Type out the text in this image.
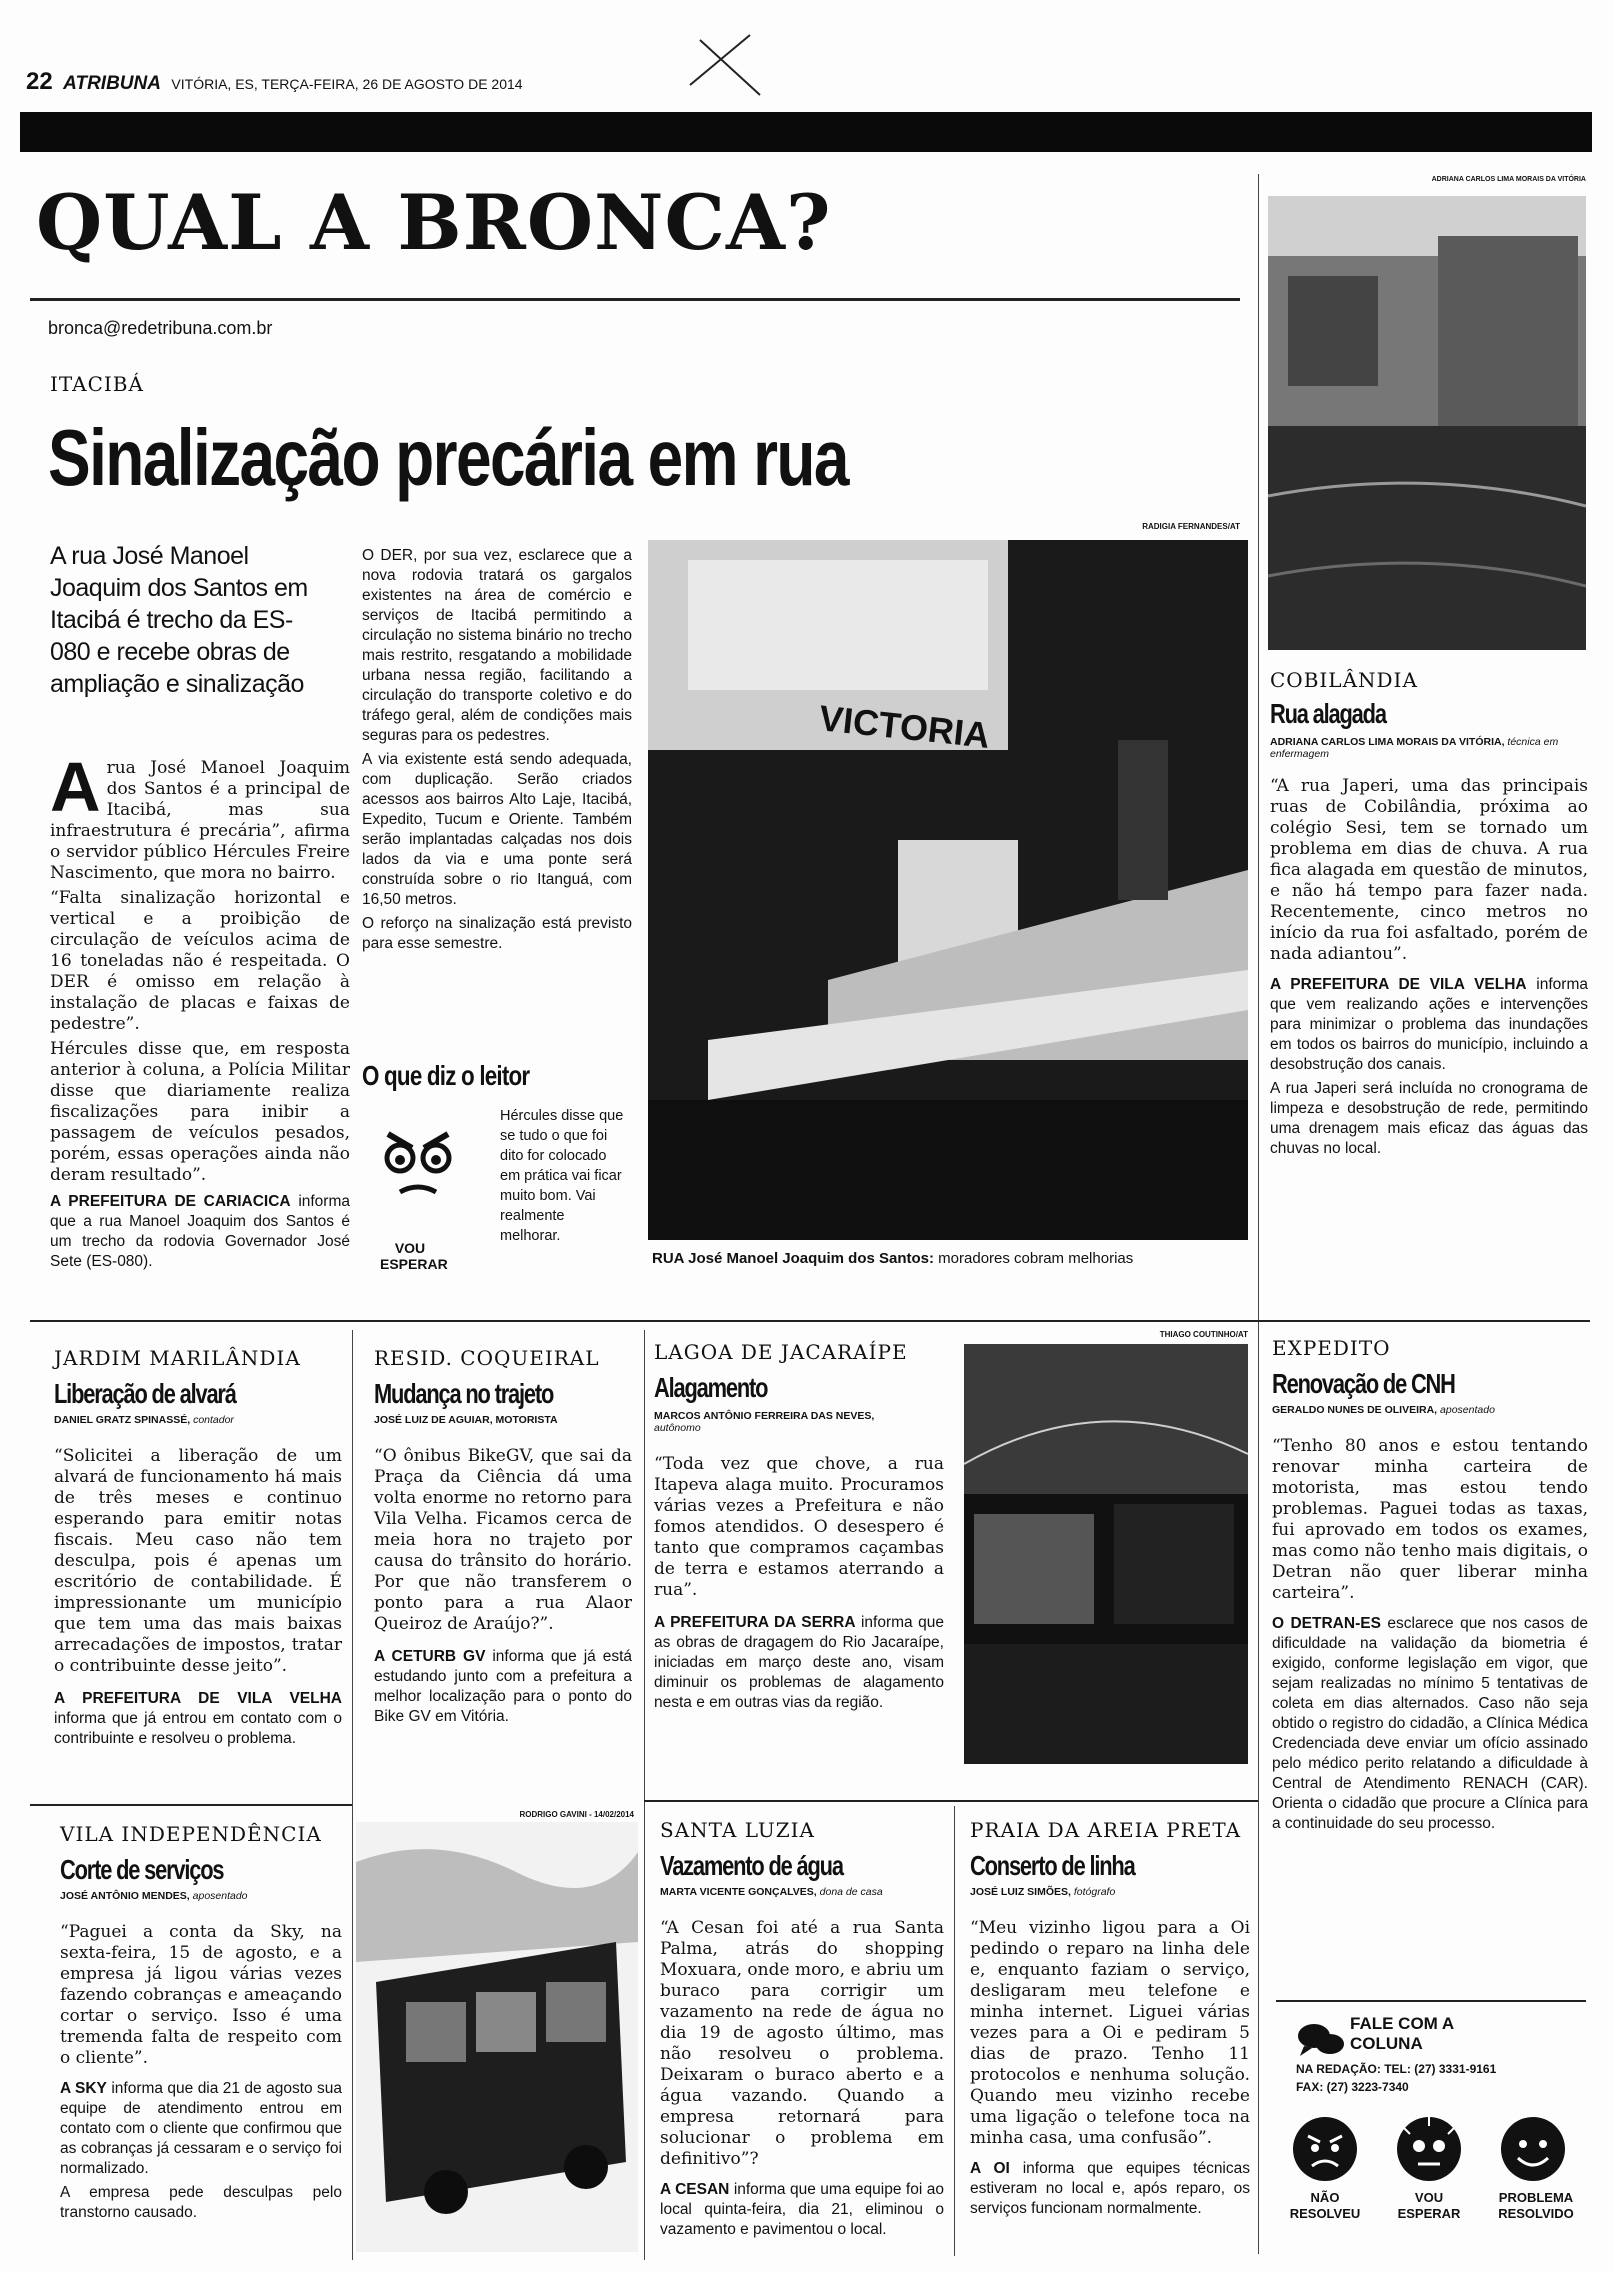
22 ATRIBUNA VITÓRIA, ES, TERÇA-FEIRA, 26 DE AGOSTO DE 2014
QUAL A BRONCA?
bronca@redetribuna.com.br
ITACIBÁ
Sinalização precária em rua
A rua José Manoel Joaquim dos Santos em Itacibá é trecho da ES-080 e recebe obras de ampliação e sinalização
A rua José Manoel Joaquim dos Santos é a principal de Itacibá, mas sua infraestrutura é precária”, afirma o servidor público Hércules Freire Nascimento, que mora no bairro.

“Falta sinalização horizontal e vertical e a proibição de circulação de veículos acima de 16 toneladas não é respeitada. O DER é omisso em relação à instalação de placas e faixas de pedestre”.

Hércules disse que, em resposta anterior à coluna, a Polícia Militar disse que diariamente realiza fiscalizações para inibir a passagem de veículos pesados, porém, essas operações ainda não deram resultado”.

A PREFEITURA DE CARIACICA informa que a rua Manoel Joaquim dos Santos é um trecho da rodovia Governador José Sete (ES-080).

O DER, por sua vez, esclarece que a nova rodovia tratará os gargalos existentes na área de comércio e serviços de Itacibá permitindo a circulação no sistema binário no trecho mais restrito, resgatando a mobilidade urbana nessa região, facilitando a circulação do transporte coletivo e do tráfego geral, além de condições mais seguras para os pedestres.

A via existente está sendo adequada, com duplicação. Serão criados acessos aos bairros Alto Laje, Itacibá, Expedito, Tucum e Oriente. Também serão implantadas calçadas nos dois lados da via e uma ponte será construída sobre o rio Itanguá, com 16,50 metros.

O reforço na sinalização está previsto para esse semestre.

O que diz o leitor
VOU ESPERAR
Hércules disse que se tudo o que foi dito for colocado em prática vai ficar muito bom. Vai realmente melhorar.
RADIGIA FERNANDES/AT
VICTORIA
RUA José Manoel Joaquim dos Santos: moradores cobram melhorias
ADRIANA CARLOS LIMA MORAIS DA VITÓRIA
COBILÂNDIA
Rua alagada
ADRIANA CARLOS LIMA MORAIS DA VITÓRIA, técnica em enfermagem

“A rua Japeri, uma das principais ruas de Cobilândia, próxima ao colégio Sesi, tem se tornado um problema em dias de chuva. A rua fica alagada em questão de minutos, e não há tempo para fazer nada. Recentemente, cinco metros no início da rua foi asfaltado, porém de nada adiantou”.

A PREFEITURA DE VILA VELHA informa que vem realizando ações e intervenções para minimizar o problema das inundações em todos os bairros do município, incluindo a desobstrução dos canais.

A rua Japeri será incluída no cronograma de limpeza e desobstrução de rede, permitindo uma drenagem mais eficaz das águas das chuvas no local.

JARDIM MARILÂNDIA
Liberação de alvará
DANIEL GRATZ SPINASSÉ, contador

“Solicitei a liberação de um alvará de funcionamento há mais de três meses e continuo esperando para emitir notas fiscais. Meu caso não tem desculpa, pois é apenas um escritório de contabilidade. É impressionante um município que tem uma das mais baixas arrecadações de impostos, tratar o contribuinte desse jeito”.

A PREFEITURA DE VILA VELHA informa que já entrou em contato com o contribuinte e resolveu o problema.

RESID. COQUEIRAL
Mudança no trajeto
JOSÉ LUIZ DE AGUIAR, MOTORISTA

“O ônibus BikeGV, que sai da Praça da Ciência dá uma volta enorme no retorno para Vila Velha. Ficamos cerca de meia hora no trajeto por causa do trânsito do horário. Por que não transferem o ponto para a rua Alaor Queiroz de Araújo?”.

A CETURB GV informa que já está estudando junto com a prefeitura a melhor localização para o ponto do Bike GV em Vitória.

LAGOA DE JACARAÍPE
Alagamento
MARCOS ANTÔNIO FERREIRA DAS NEVES,
autônomo

“Toda vez que chove, a rua Itapeva alaga muito. Procuramos várias vezes a Prefeitura e não fomos atendidos. O desespero é tanto que compramos caçambas de terra e estamos aterrando a rua”.

A PREFEITURA DA SERRA informa que as obras de dragagem do Rio Jacaraípe, iniciadas em março deste ano, visam diminuir os problemas de alagamento nesta e em outras vias da região.

THIAGO COUTINHO/AT
EXPEDITO
Renovação de CNH
GERALDO NUNES DE OLIVEIRA, aposentado

“Tenho 80 anos e estou tentando renovar minha carteira de motorista, mas estou tendo problemas. Paguei todas as taxas, fui aprovado em todos os exames, mas como não tenho mais digitais, o Detran não quer liberar minha carteira”.

O DETRAN-ES esclarece que nos casos de dificuldade na validação da biometria é exigido, conforme legislação em vigor, que sejam realizadas no mínimo 5 tentativas de coleta em dias alternados. Caso não seja obtido o registro do cidadão, a Clínica Médica Credenciada deve enviar um ofício assinado pelo médico perito relatando a dificuldade à Central de Atendimento RENACH (CAR). Orienta o cidadão que procure a Clínica para a continuidade do seu processo.

VILA INDEPENDÊNCIA
Corte de serviços
JOSÉ ANTÔNIO MENDES, aposentado

“Paguei a conta da Sky, na sexta-feira, 15 de agosto, e a empresa já ligou várias vezes fazendo cobranças e ameaçando cortar o serviço. Isso é uma tremenda falta de respeito com o cliente”.

A SKY informa que dia 21 de agosto sua equipe de atendimento entrou em contato com o cliente que confirmou que as cobranças já cessaram e o serviço foi normalizado.

A empresa pede desculpas pelo transtorno causado.

RODRIGO GAVINI - 14/02/2014
SANTA LUZIA
Vazamento de água
MARTA VICENTE GONÇALVES, dona de casa

“A Cesan foi até a rua Santa Palma, atrás do shopping Moxuara, onde moro, e abriu um buraco para corrigir um vazamento na rede de água no dia 19 de agosto último, mas não resolveu o problema. Deixaram o buraco aberto e a água vazando. Quando a empresa retornará para solucionar o problema em definitivo”?

A CESAN informa que uma equipe foi ao local quinta-feira, dia 21, eliminou o vazamento e pavimentou o local.

PRAIA DA AREIA PRETA
Conserto de linha
JOSÉ LUIZ SIMÕES, fotógrafo

“Meu vizinho ligou para a Oi pedindo o reparo na linha dele e, enquanto faziam o serviço, desligaram meu telefone e minha internet. Liguei várias vezes para a Oi e pediram 5 dias de prazo. Tenho 11 protocolos e nenhuma solução. Quando meu vizinho recebe uma ligação o telefone toca na minha casa, uma confusão”.

A OI informa que equipes técnicas estiveram no local e, após reparo, os serviços funcionam normalmente.

FALE COM A COLUNA
NA REDAÇÃO: TEL: (27) 3331-9161
FAX: (27) 3223-7340
NÃO RESOLVEU
VOU ESPERAR
PROBLEMA RESOLVIDO
